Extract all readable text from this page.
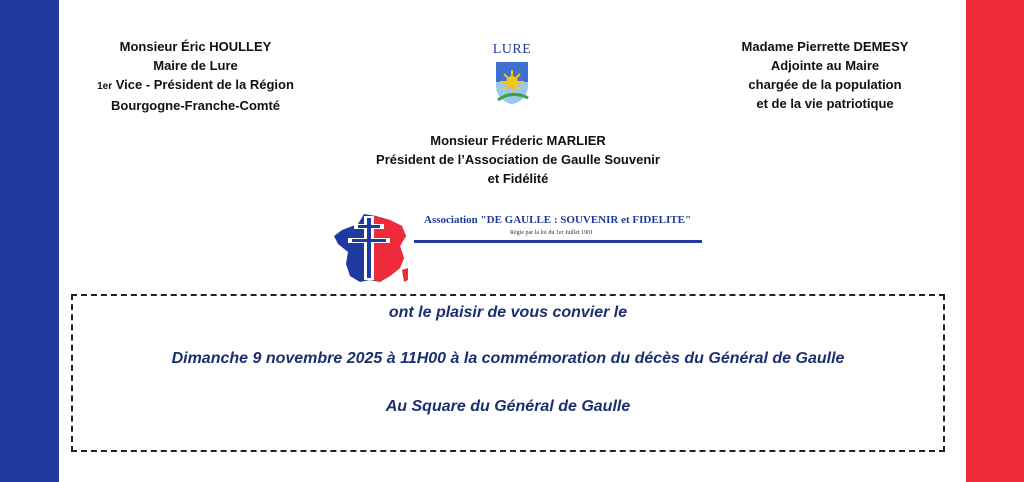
Monsieur Éric HOULLEY
Maire de Lure
1er Vice - Président de la Région
Bourgogne-Franche-Comté
LURE	Madame Pierrette DEMESY
Adjointe au Maire
chargée de la population
et de la vie patriotique
Monsieur Fréderic MARLIER
Président de l’Association de Gaulle Souvenir
et Fidélité
Association "DE GAULLE : SOUVENIR et FIDELITE"
Régie par la loi du 1er Juillet 1901
ont le plaisir de vous convier le
Dimanche 9 novembre 2025 à 11H00 à la commémoration du décès du Général de Gaulle
Au Square du Général de Gaulle
